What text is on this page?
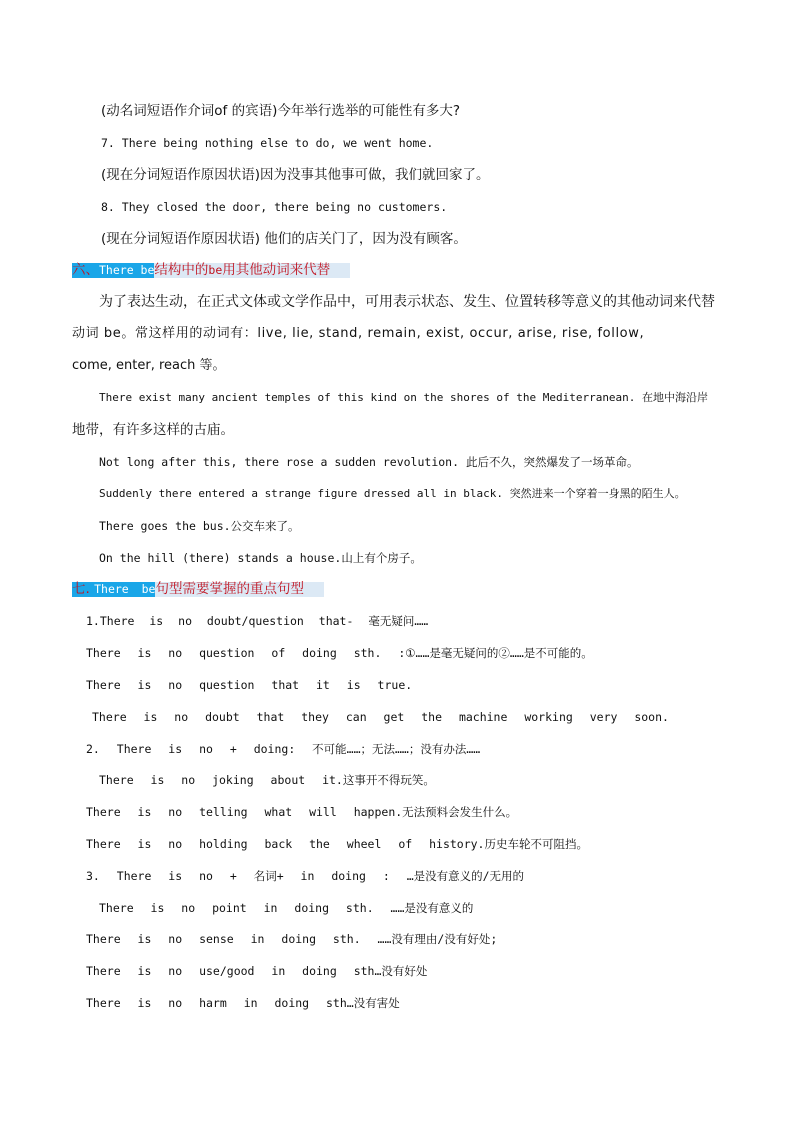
(动名词短语作介词of 的宾语)今年举行选举的可能性有多大?
7. There being nothing else to do, we went home.
(现在分词短语作原因状语)因为没事其他事可做，我们就回家了。
8. They closed the door, there being no customers.
(现在分词短语作原因状语) 他们的店关门了，因为没有顾客。
六、There be结构中的be用其他动词来代替
为了表达生动，在正式文体或文学作品中，可用表示状态、发生、位置转移等意义的其他动词来代替
动词 be。常这样用的动词有：live, lie, stand, remain, exist, occur, arise, rise, follow,
come, enter, reach 等。
There exist many ancient temples of this kind on the shores of the Mediterranean. 在地中海沿岸
地带，有许多这样的古庙。
Not long after this, there rose a sudden revolution. 此后不久，突然爆发了一场革命。
Suddenly there entered a strange figure dressed all in black. 突然进来一个穿着一身黑的陌生人。
There goes the bus.公交车来了。
On the hill (there) stands a house.山上有个房子。
七. There be句型需要掌握的重点句型
1.There is no doubt/question that- 毫无疑问……
There is no question of doing sth. :①……是毫无疑问的②……是不可能的。
There is no question that it is true.
There is no doubt that they can get the machine working very soon.
2. There is no + doing: 不可能……；无法……；没有办法……
There is no joking about it.这事开不得玩笑。
There is no telling what will happen.无法预料会发生什么。
There is no holding back the wheel of history.历史车轮不可阻挡。
3. There is no + 名词+ in doing : …是没有意义的/无用的
There is no point in doing sth. ……是没有意义的
There is no sense in doing sth. ……没有理由/没有好处;
There is no use/good in doing sth…没有好处
There is no harm in doing sth…没有害处
